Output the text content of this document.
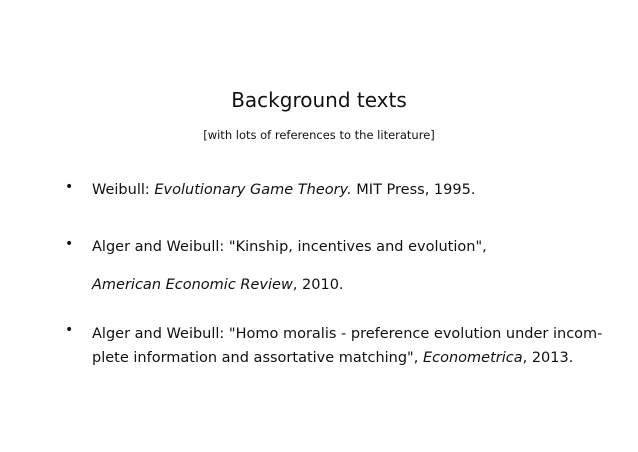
Background texts
[with lots of references to the literature]
• Weibull: Evolutionary Game Theory. MIT Press, 1995.
• Alger and Weibull: "Kinship, incentives and evolution",
American Economic Review, 2010.
• Alger and Weibull: "Homo moralis - preference evolution under incom-
plete information and assortative matching", Econometrica, 2013.
